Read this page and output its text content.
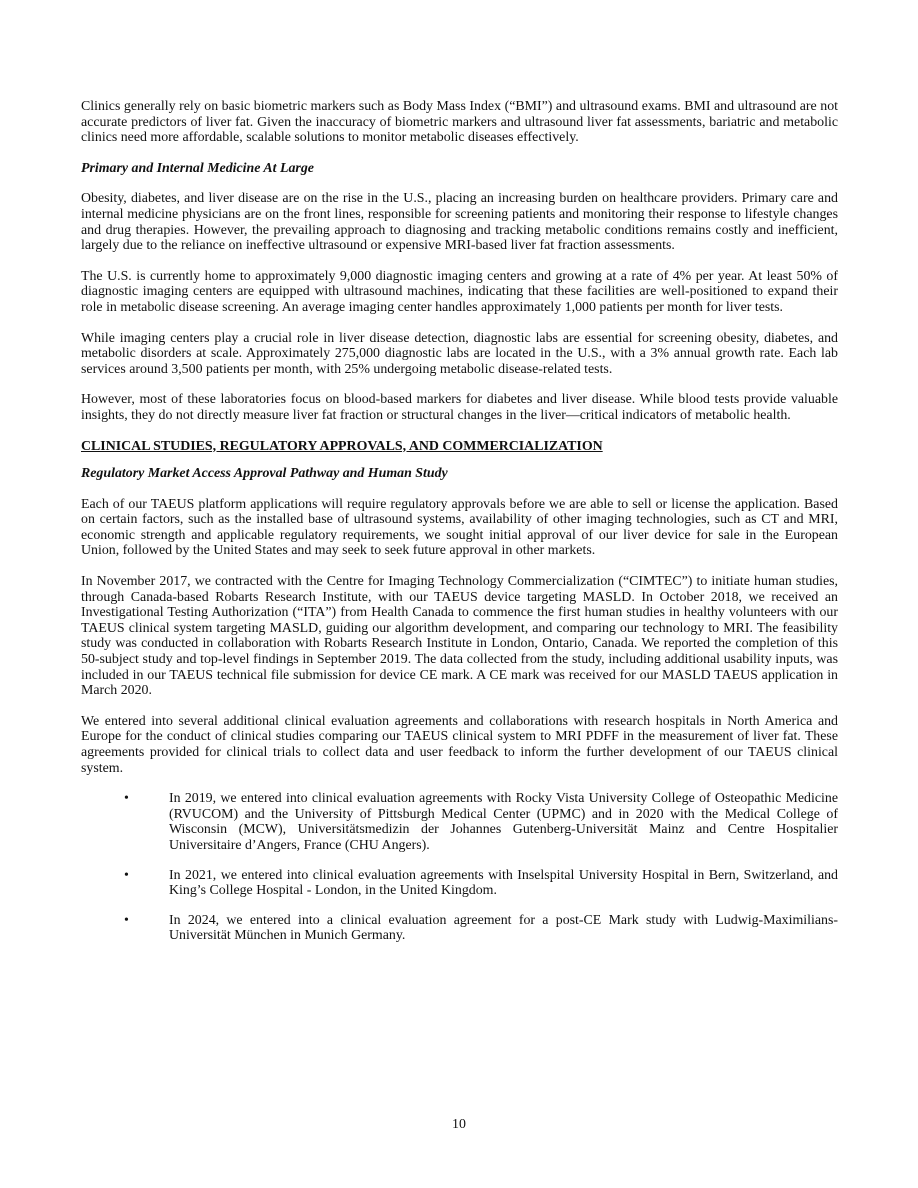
Clinics generally rely on basic biometric markers such as Body Mass Index (“BMI”) and ultrasound exams. BMI and ultrasound are not accurate predictors of liver fat. Given the inaccuracy of biometric markers and ultrasound liver fat assessments, bariatric and metabolic clinics need more affordable, scalable solutions to monitor metabolic diseases effectively.

Primary and Internal Medicine At Large

Obesity, diabetes, and liver disease are on the rise in the U.S., placing an increasing burden on healthcare providers. Primary care and internal medicine physicians are on the front lines, responsible for screening patients and monitoring their response to lifestyle changes and drug therapies. However, the prevailing approach to diagnosing and tracking metabolic conditions remains costly and inefficient, largely due to the reliance on ineffective ultrasound or expensive MRI-based liver fat fraction assessments.

The U.S. is currently home to approximately 9,000 diagnostic imaging centers and growing at a rate of 4% per year. At least 50% of diagnostic imaging centers are equipped with ultrasound machines, indicating that these facilities are well-positioned to expand their role in metabolic disease screening. An average imaging center handles approximately 1,000 patients per month for liver tests.

While imaging centers play a crucial role in liver disease detection, diagnostic labs are essential for screening obesity, diabetes, and metabolic disorders at scale. Approximately 275,000 diagnostic labs are located in the U.S., with a 3% annual growth rate. Each lab services around 3,500 patients per month, with 25% undergoing metabolic disease-related tests.

However, most of these laboratories focus on blood-based markers for diabetes and liver disease. While blood tests provide valuable insights, they do not directly measure liver fat fraction or structural changes in the liver—critical indicators of metabolic health.

CLINICAL STUDIES, REGULATORY APPROVALS, AND COMMERCIALIZATION
Regulatory Market Access Approval Pathway and Human Study

Each of our TAEUS platform applications will require regulatory approvals before we are able to sell or license the application. Based on certain factors, such as the installed base of ultrasound systems, availability of other imaging technologies, such as CT and MRI, economic strength and applicable regulatory requirements, we sought initial approval of our liver device for sale in the European Union, followed by the United States and may seek to seek future approval in other markets.

In November 2017, we contracted with the Centre for Imaging Technology Commercialization (“CIMTEC”) to initiate human studies, through Canada-based Robarts Research Institute, with our TAEUS device targeting MASLD. In October 2018, we received an Investigational Testing Authorization (“ITA”) from Health Canada to commence the first human studies in healthy volunteers with our TAEUS clinical system targeting MASLD, guiding our algorithm development, and comparing our technology to MRI. The feasibility study was conducted in collaboration with Robarts Research Institute in London, Ontario, Canada. We reported the completion of this 50-subject study and top-level findings in September 2019. The data collected from the study, including additional usability inputs, was included in our TAEUS technical file submission for device CE mark. A CE mark was received for our MASLD TAEUS application in March 2020.

We entered into several additional clinical evaluation agreements and collaborations with research hospitals in North America and Europe for the conduct of clinical studies comparing our TAEUS clinical system to MRI PDFF in the measurement of liver fat. These agreements provided for clinical trials to collect data and user feedback to inform the further development of our TAEUS clinical system.

•	In 2019, we entered into clinical evaluation agreements with Rocky Vista University College of Osteopathic Medicine (RVUCOM) and the University of Pittsburgh Medical Center (UPMC) and in 2020 with the Medical College of Wisconsin (MCW), Universitätsmedizin der Johannes Gutenberg-Universität Mainz and Centre Hospitalier Universitaire d’Angers, France (CHU Angers).
•	In 2021, we entered into clinical evaluation agreements with Inselspital University Hospital in Bern, Switzerland, and King’s College Hospital - London, in the United Kingdom.
•	In 2024, we entered into a clinical evaluation agreement for a post-CE Mark study with Ludwig-Maximilians-Universität München in Munich Germany.
10
